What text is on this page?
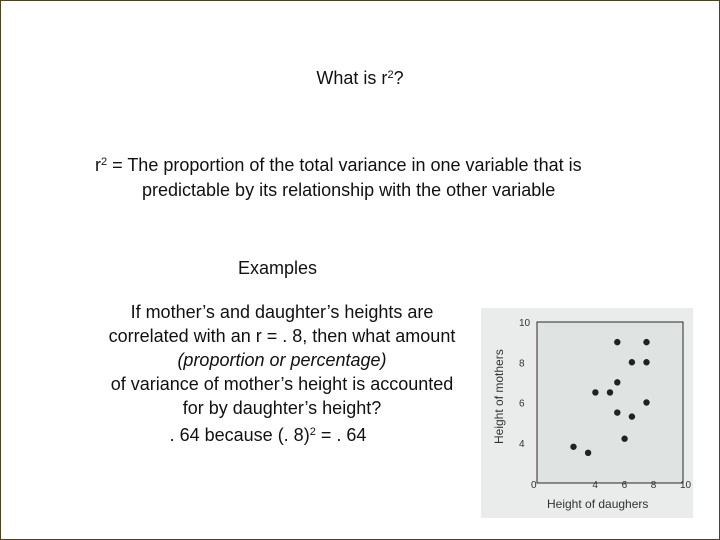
What is $r^2$?
$r^2$ = The proportion of the total variance in one variable that is
predictable by its relationship with the other variable
Examples
If mother’s and daughter’s heights are
correlated with an r = . 8, then what amount
(proportion or percentage)
of variance of mother’s height is accounted
for by daughter’s height?
. 64 because (. 8)$^2$ = . 64	4
6
8
10
0	4 6 8 10
Height of mothers
Height of daughers
